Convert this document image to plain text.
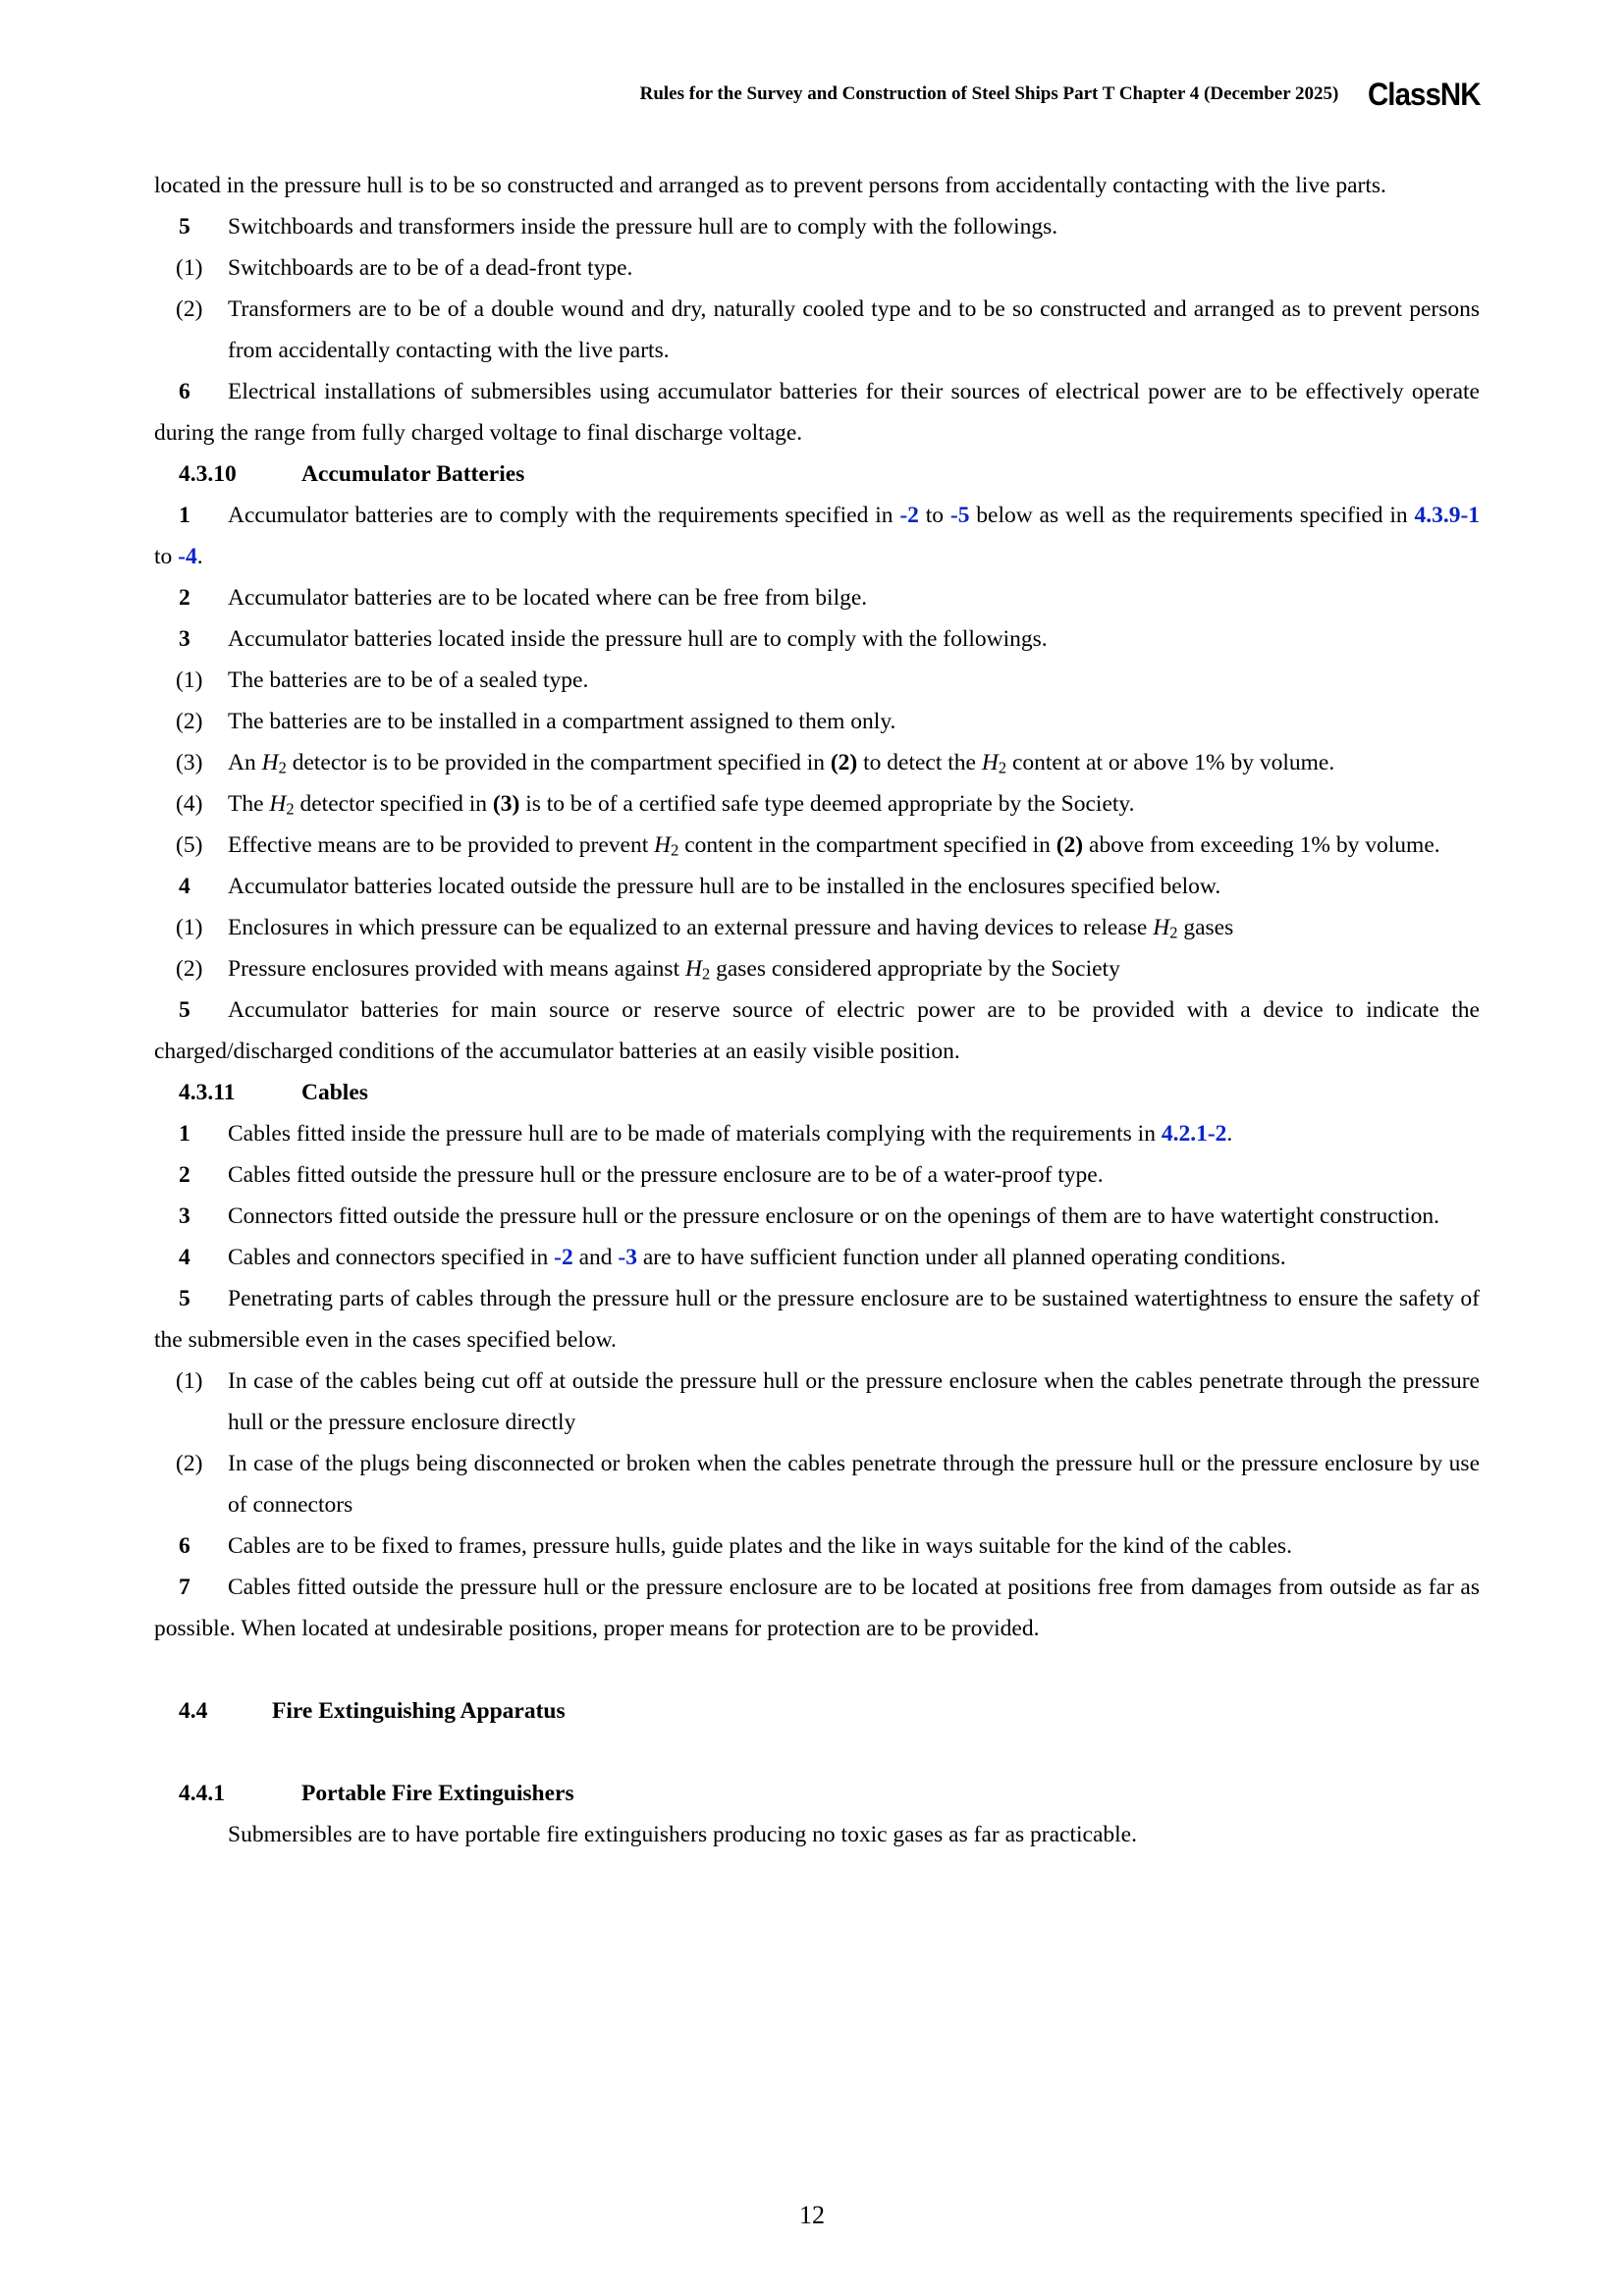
Rules for the Survey and Construction of Steel Ships Part T Chapter 4 (December 2025) ClassNK

located in the pressure hull is to be so constructed and arranged as to prevent persons from accidentally contacting with the live parts.

5 Switchboards and transformers inside the pressure hull are to comply with the followings.

(1) Switchboards are to be of a dead-front type.

(2) Transformers are to be of a double wound and dry, naturally cooled type and to be so constructed and arranged as to prevent persons from accidentally contacting with the live parts.

6 Electrical installations of submersibles using accumulator batteries for their sources of electrical power are to be effectively operate during the range from fully charged voltage to final discharge voltage.

4.3.10	Accumulator Batteries

1 Accumulator batteries are to comply with the requirements specified in -2 to -5 below as well as the requirements specified in 4.3.9-1 to -4.

2 Accumulator batteries are to be located where can be free from bilge.

3 Accumulator batteries located inside the pressure hull are to comply with the followings.

(1) The batteries are to be of a sealed type.

(2) The batteries are to be installed in a compartment assigned to them only.

(3) An $H_2$ detector is to be provided in the compartment specified in (2) to detect the $H_2$ content at or above 1% by volume.

(4) The $H_2$ detector specified in (3) is to be of a certified safe type deemed appropriate by the Society.

(5) Effective means are to be provided to prevent $H_2$ content in the compartment specified in (2) above from exceeding 1% by volume.

4 Accumulator batteries located outside the pressure hull are to be installed in the enclosures specified below.

(1) Enclosures in which pressure can be equalized to an external pressure and having devices to release $H_2$ gases

(2) Pressure enclosures provided with means against $H_2$ gases considered appropriate by the Society

5 Accumulator batteries for main source or reserve source of electric power are to be provided with a device to indicate the charged/discharged conditions of the accumulator batteries at an easily visible position.

4.3.11	Cables

1 Cables fitted inside the pressure hull are to be made of materials complying with the requirements in 4.2.1-2.

2 Cables fitted outside the pressure hull or the pressure enclosure are to be of a water-proof type.

3 Connectors fitted outside the pressure hull or the pressure enclosure or on the openings of them are to have watertight construction.

4 Cables and connectors specified in -2 and -3 are to have sufficient function under all planned operating conditions.

5 Penetrating parts of cables through the pressure hull or the pressure enclosure are to be sustained watertightness to ensure the safety of the submersible even in the cases specified below.

(1) In case of the cables being cut off at outside the pressure hull or the pressure enclosure when the cables penetrate through the pressure hull or the pressure enclosure directly

(2) In case of the plugs being disconnected or broken when the cables penetrate through the pressure hull or the pressure enclosure by use of connectors

6 Cables are to be fixed to frames, pressure hulls, guide plates and the like in ways suitable for the kind of the cables.

7 Cables fitted outside the pressure hull or the pressure enclosure are to be located at positions free from damages from outside as far as possible. When located at undesirable positions, proper means for protection are to be provided.

4.4	Fire Extinguishing Apparatus

4.4.1	Portable Fire Extinguishers

Submersibles are to have portable fire extinguishers producing no toxic gases as far as practicable.

12
